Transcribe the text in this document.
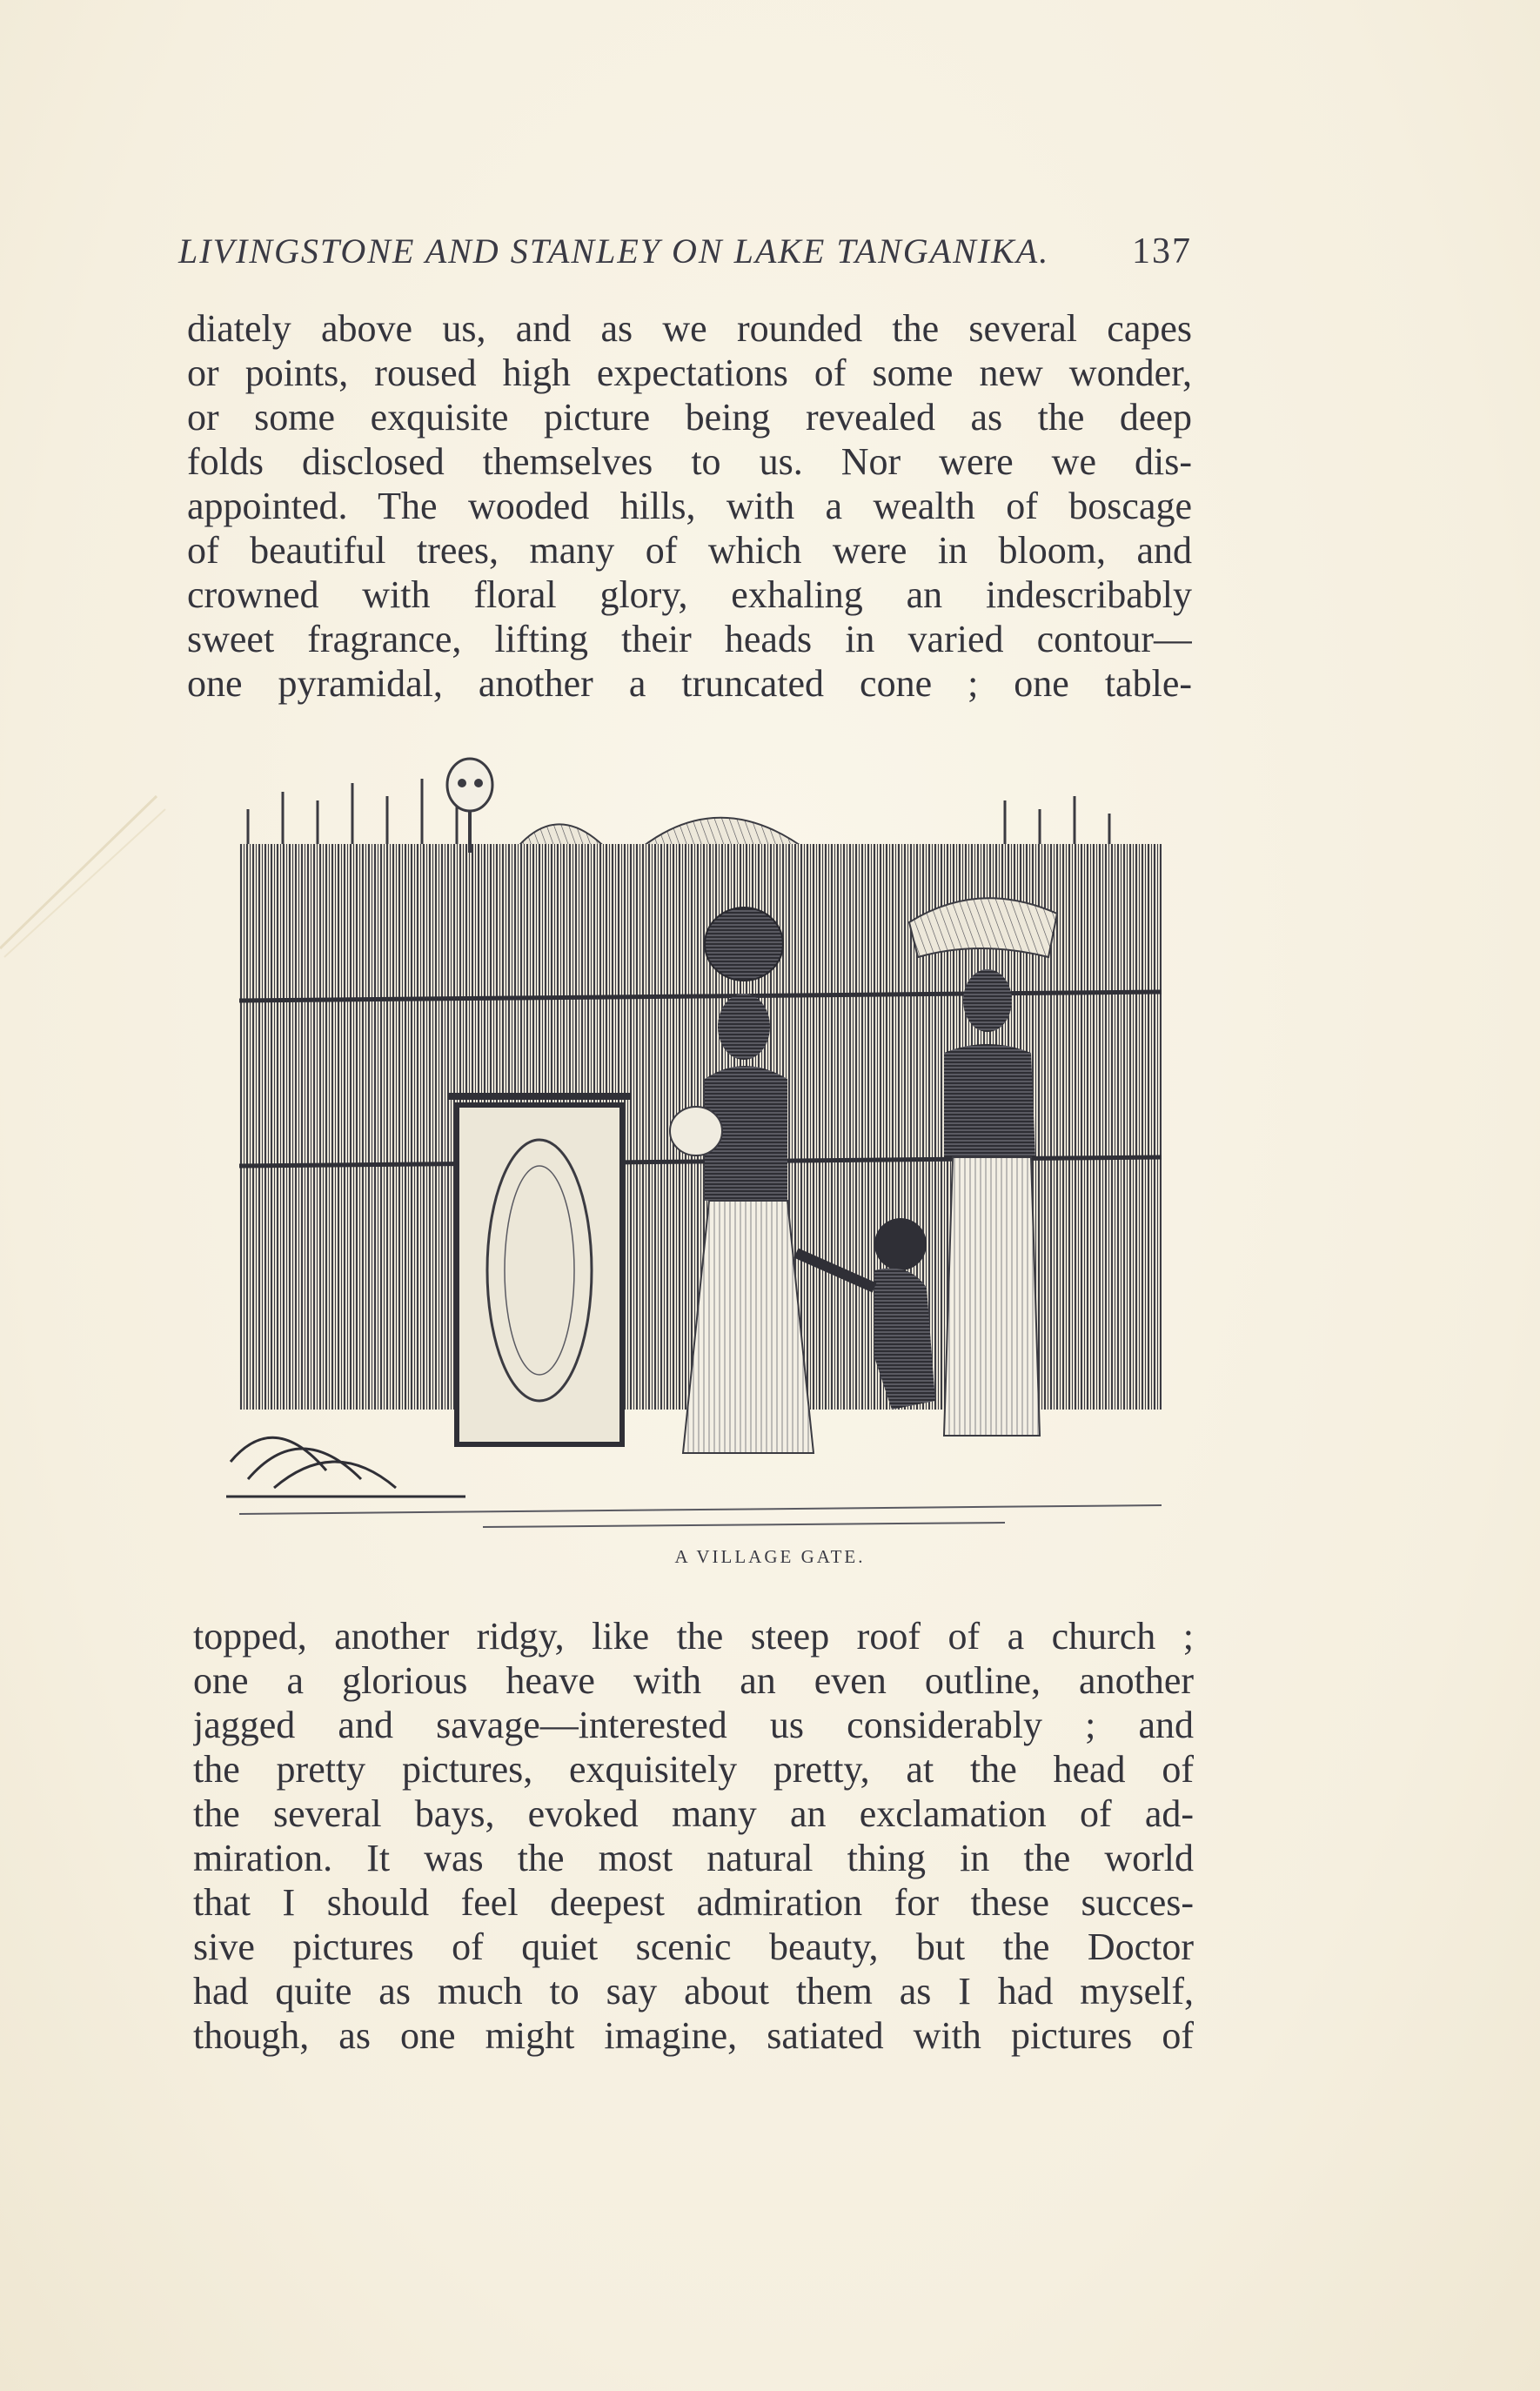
LIVINGSTONE AND STANLEY ON LAKE TANGANIKA. 137
diately above us, and as we rounded the several capes
or points, roused high expectations of some new wonder,
or some exquisite picture being revealed as the deep
folds disclosed themselves to us. Nor were we dis-
appointed. The wooded hills, with a wealth of boscage
of beautiful trees, many of which were in bloom, and
crowned with floral glory, exhaling an indescribably
sweet fragrance, lifting their heads in varied contour—
one pyramidal, another a truncated cone ; one table-
A VILLAGE GATE.
topped, another ridgy, like the steep roof of a church ;
one a glorious heave with an even outline, another
jagged and savage—interested us considerably ; and
the pretty pictures, exquisitely pretty, at the head of
the several bays, evoked many an exclamation of ad-
miration. It was the most natural thing in the world
that I should feel deepest admiration for these succes-
sive pictures of quiet scenic beauty, but the Doctor
had quite as much to say about them as I had myself,
though, as one might imagine, satiated with pictures of
